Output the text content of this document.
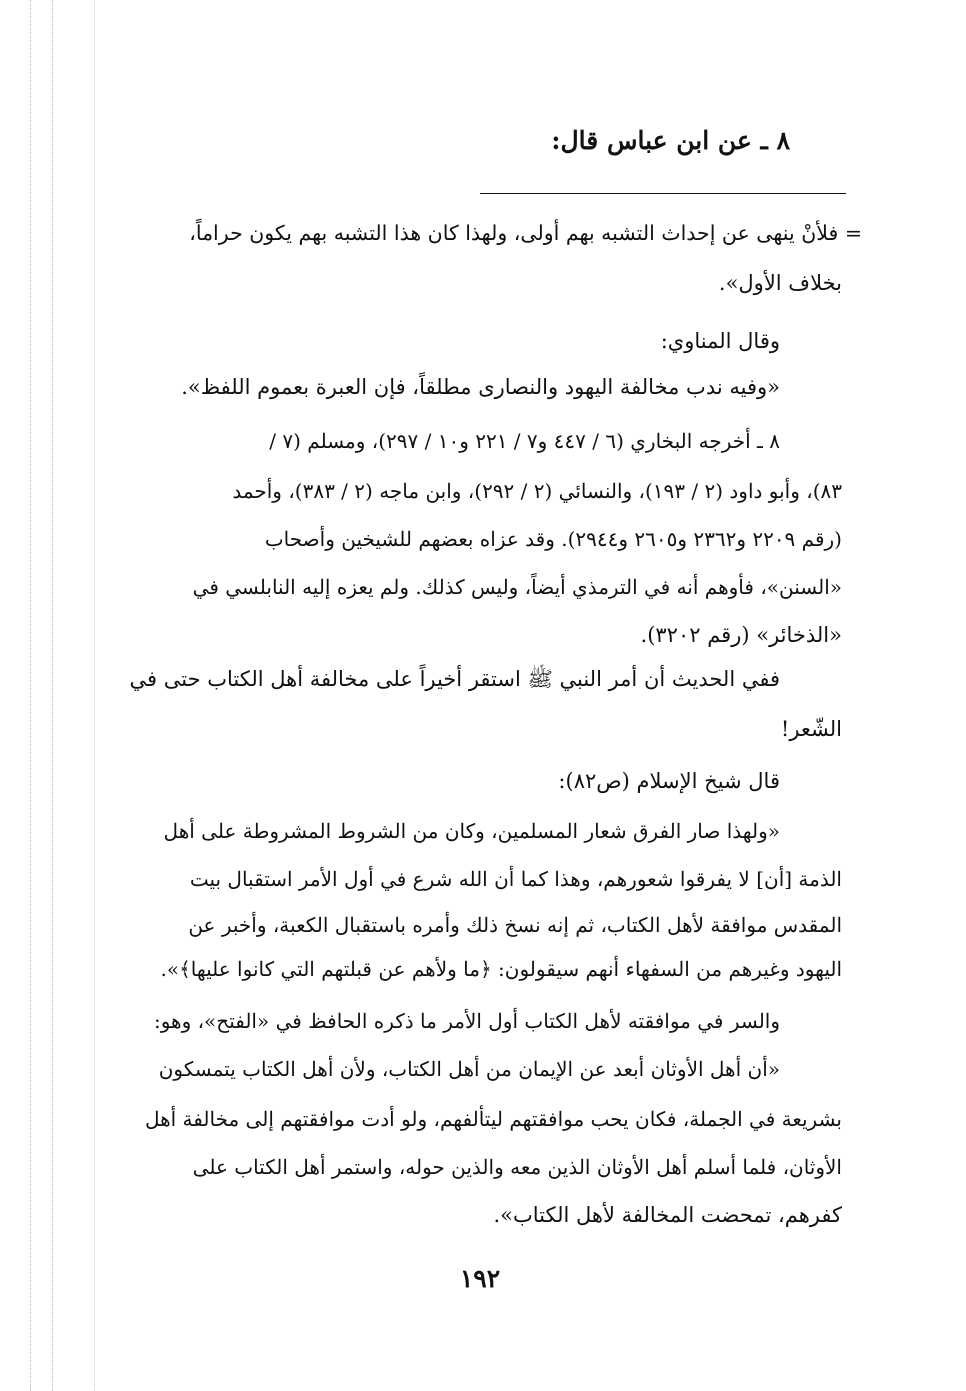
٨ ـ عن ابن عباس قال:
= فلأنْ ينهى عن إحداث التشبه بهم أولى، ولهذا كان هذا التشبه بهم يكون حراماً،
بخلاف الأول».
وقال المناوي:
«وفيه ندب مخالفة اليهود والنصارى مطلقاً، فإن العبرة بعموم اللفظ».
٨ ـ أخرجه البخاري (٦ / ٤٤٧ و٧ / ٢٢١ و١٠ / ٢٩٧)، ومسلم (٧ /
٨٣)، وأبو داود (٢ / ١٩٣)، والنسائي (٢ / ٢٩٢)، وابن ماجه (٢ / ٣٨٣)، وأحمد
(رقم ٢٢٠٩ و٢٣٦٢ و٢٦٠٥ و٢٩٤٤). وقد عزاه بعضهم للشيخين وأصحاب
«السنن»، فأوهم أنه في الترمذي أيضاً، وليس كذلك. ولم يعزه إليه النابلسي في
«الذخائر» (رقم ٣٢٠٢).
ففي الحديث أن أمر النبي ﷺ استقر أخيراً على مخالفة أهل الكتاب حتى في
الشّعر!
قال شيخ الإسلام (ص٨٢):
«ولهذا صار الفرق شعار المسلمين، وكان من الشروط المشروطة على أهل
الذمة [أن] لا يفرقوا شعورهم، وهذا كما أن الله شرع في أول الأمر استقبال بيت
المقدس موافقة لأهل الكتاب، ثم إنه نسخ ذلك وأمره باستقبال الكعبة، وأخبر عن
اليهود وغيرهم من السفهاء أنهم سيقولون: ﴿ما ولأهم عن قبلتهم التي كانوا عليها﴾».
والسر في موافقته لأهل الكتاب أول الأمر ما ذكره الحافظ في «الفتح»، وهو:
«أن أهل الأوثان أبعد عن الإيمان من أهل الكتاب، ولأن أهل الكتاب يتمسكون
بشريعة في الجملة، فكان يحب موافقتهم ليتألفهم، ولو أدت موافقتهم إلى مخالفة أهل
الأوثان، فلما أسلم أهل الأوثان الذين معه والذين حوله، واستمر أهل الكتاب على
كفرهم، تمحضت المخالفة لأهل الكتاب».
١٩٢
